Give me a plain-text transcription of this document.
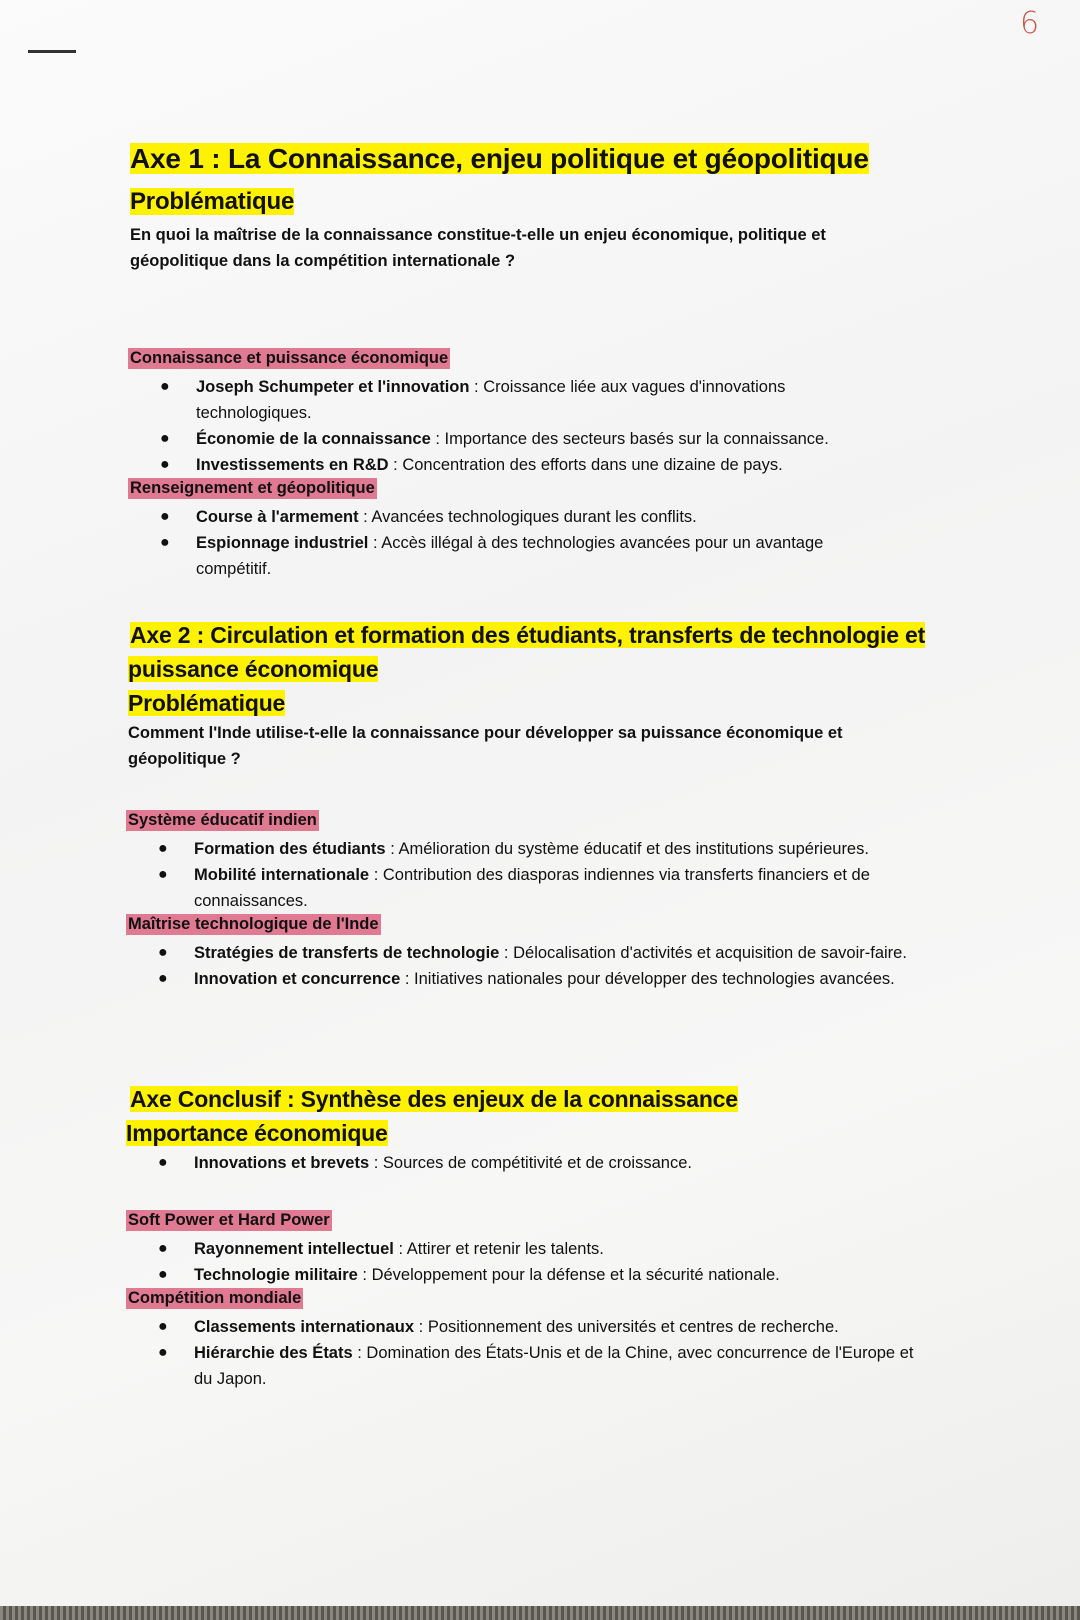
6
Axe 1 : La Connaissance, enjeu politique et géopolitique
Problématique
En quoi la maîtrise de la connaissance constitue-t-elle un enjeu économique, politique et géopolitique dans la compétition internationale ?
Connaissance et puissance économique
● Joseph Schumpeter et l'innovation : Croissance liée aux vagues d'innovations technologiques.
● Économie de la connaissance : Importance des secteurs basés sur la connaissance.
● Investissements en R&D : Concentration des efforts dans une dizaine de pays.
Renseignement et géopolitique
● Course à l'armement : Avancées technologiques durant les conflits.
● Espionnage industriel : Accès illégal à des technologies avancées pour un avantage compétitif.
Axe 2 : Circulation et formation des étudiants, transferts de technologie et
puissance économique
Problématique
Comment l'Inde utilise-t-elle la connaissance pour développer sa puissance économique et géopolitique ?
Système éducatif indien
● Formation des étudiants : Amélioration du système éducatif et des institutions supérieures.
● Mobilité internationale : Contribution des diasporas indiennes via transferts financiers et de connaissances.
Maîtrise technologique de l'Inde
● Stratégies de transferts de technologie : Délocalisation d'activités et acquisition de savoir-faire.
● Innovation et concurrence : Initiatives nationales pour développer des technologies avancées.
Axe Conclusif : Synthèse des enjeux de la connaissance
Importance économique
● Innovations et brevets : Sources de compétitivité et de croissance.
Soft Power et Hard Power
● Rayonnement intellectuel : Attirer et retenir les talents.
● Technologie militaire : Développement pour la défense et la sécurité nationale.
Compétition mondiale
● Classements internationaux : Positionnement des universités et centres de recherche.
● Hiérarchie des États : Domination des États-Unis et de la Chine, avec concurrence de l'Europe et du Japon.
